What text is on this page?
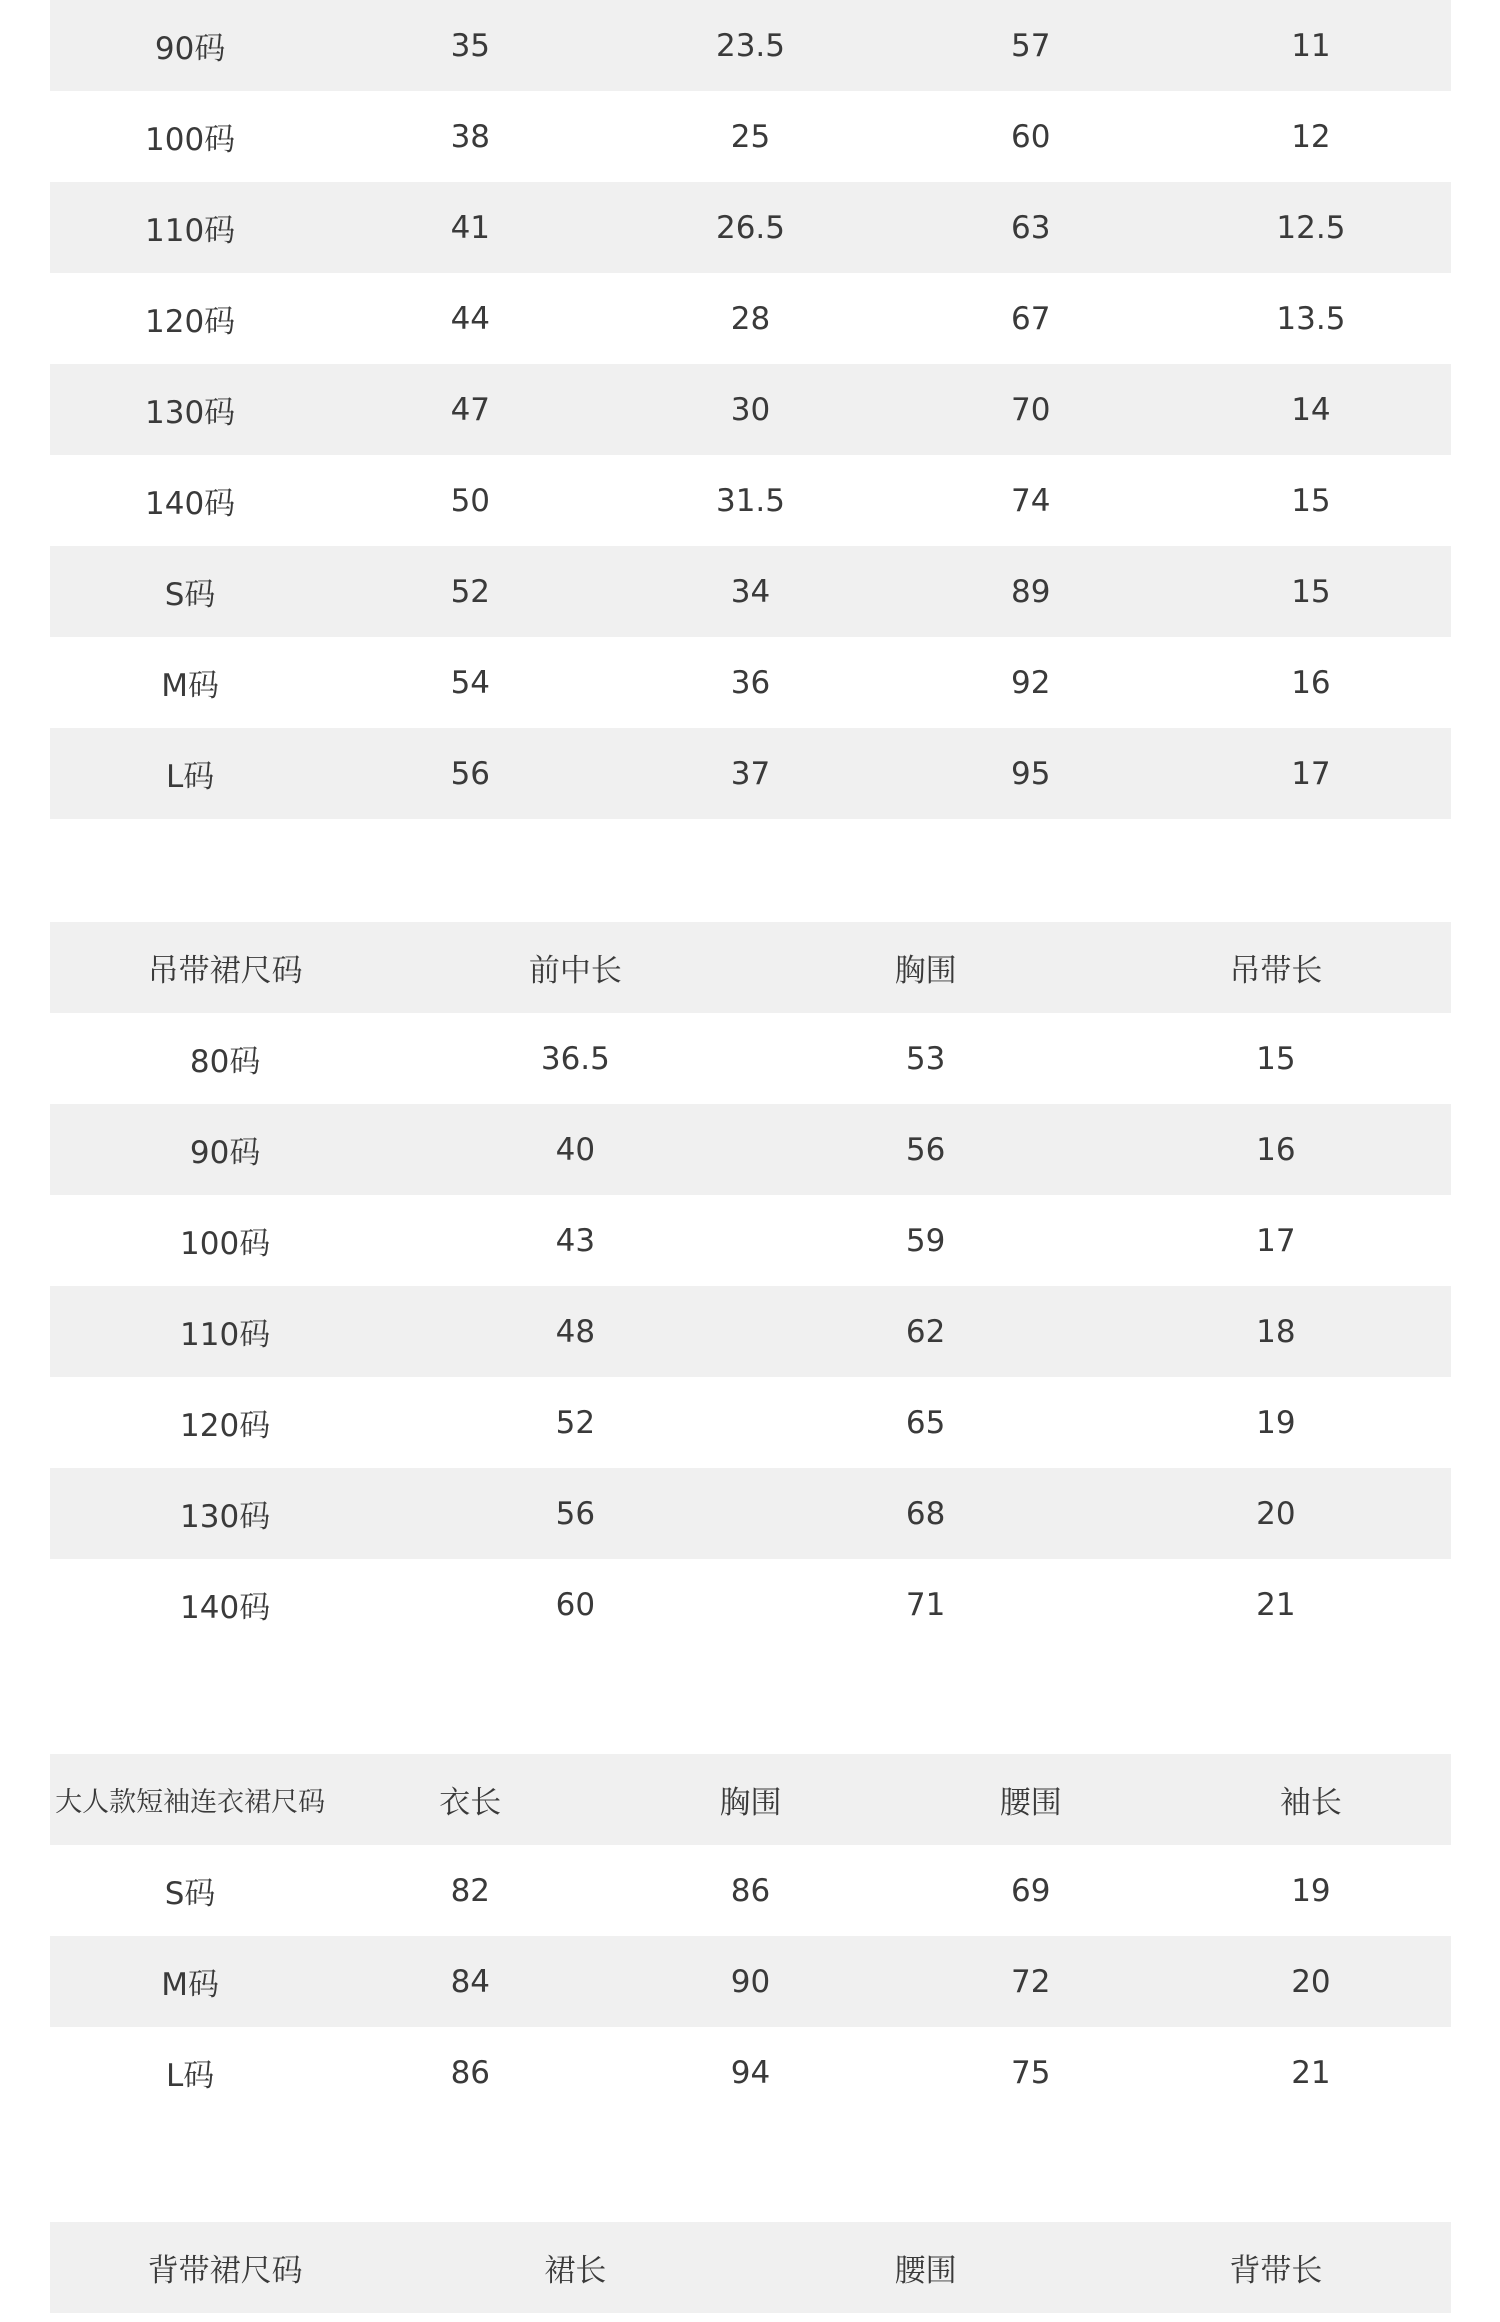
90码	35	23.5	57	11
100码	38	25	60	12
110码	41	26.5	63	12.5
120码	44	28	67	13.5
130码	47	30	70	14
140码	50	31.5	74	15
S码	52	34	89	15
M码	54	36	92	16
L码	56	37	95	17
吊带裙尺码	前中长	胸围	吊带长
80码	36.5	53	15
90码	40	56	16
100码	43	59	17
110码	48	62	18
120码	52	65	19
130码	56	68	20
140码	60	71	21
大人款短袖连衣裙尺码	衣长	胸围	腰围	袖长
S码	82	86	69	19
M码	84	90	72	20
L码	86	94	75	21
背带裙尺码	裙长	腰围	背带长
